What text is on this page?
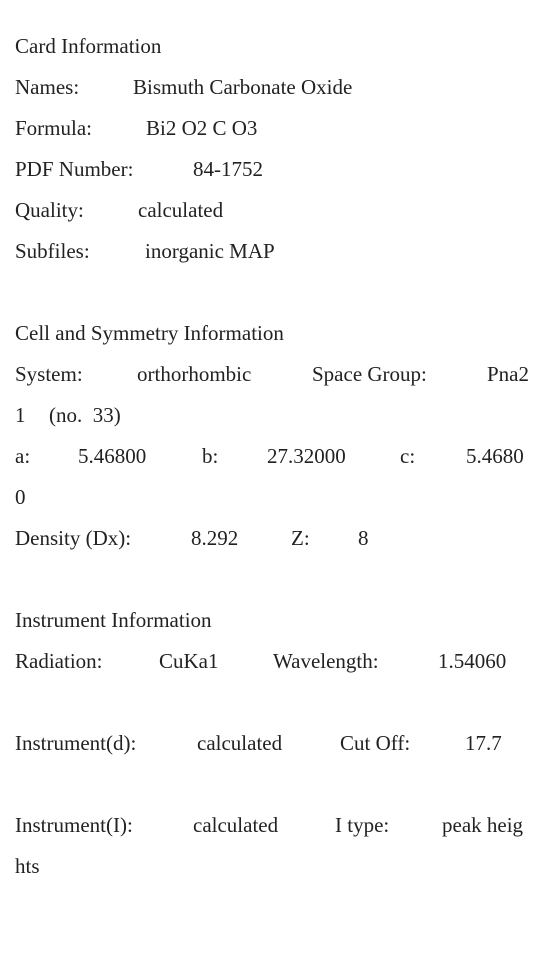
Card Information

Names:

	Bismuth Carbonate Oxide

Formula:

	Bi2 O2 C O3

PDF Number:

	84-1752

Quality:

	calculated

Subfiles:

	inorganic MAP

Cell and Symmetry Information

System:

	orthorhombic

	Space Group:

	Pna2

1

(no.  33)

a:

5.46800

	b:

27.32000

	c:

5.4680

0

Density (Dx):

	8.292

	Z:

8

Instrument Information

Radiation:

	CuKa1

	Wavelength:

	1.54060

Instrument(d):

	calculated

	Cut Off:

	17.7

Instrument(I):

	calculated

	I type:

	peak heig

hts
